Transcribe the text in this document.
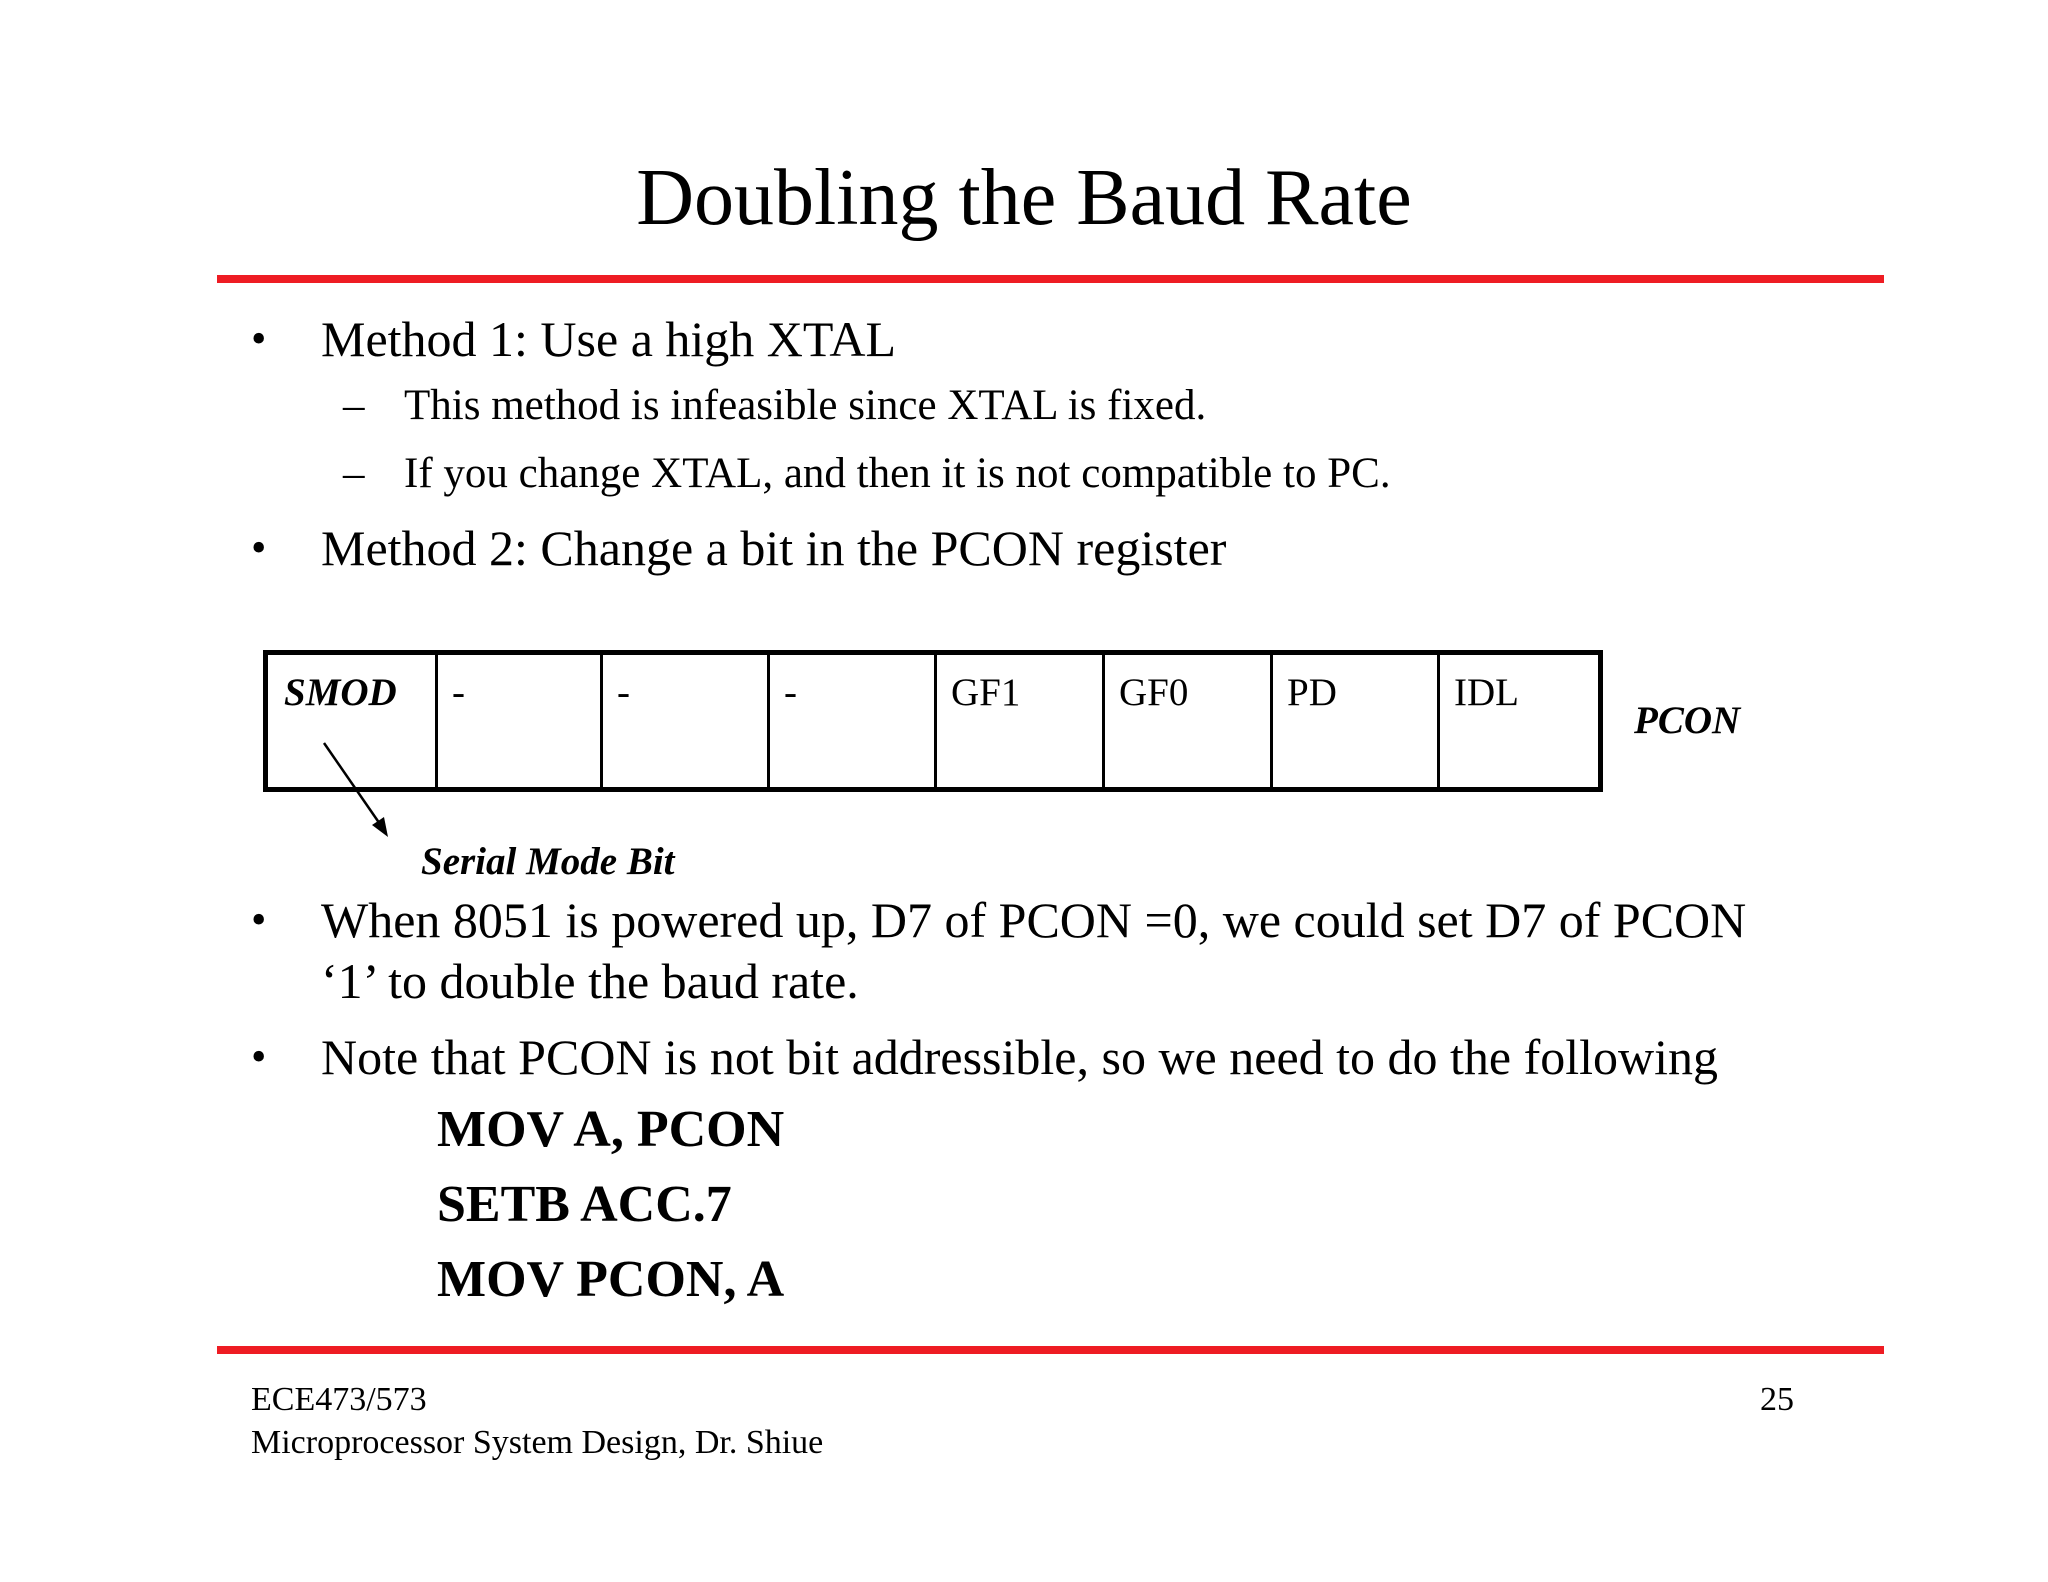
Doubling the Baud Rate
• Method 1: Use a high XTAL
– This method is infeasible since XTAL is fixed.
– If you change XTAL, and then it is not compatible to PC.
• Method 2: Change a bit in the PCON register
SMOD	-	-	-	GF1	GF0	PD	IDL
PCON
Serial Mode Bit
• When 8051 is powered up, D7 of PCON =0, we could set D7 of PCON
‘1’ to double the baud rate.
• Note that PCON is not bit addressible, so we need to do the following
MOV A, PCON
SETB ACC.7
MOV PCON, A
ECE473/573
Microprocessor System Design, Dr. Shiue
25
